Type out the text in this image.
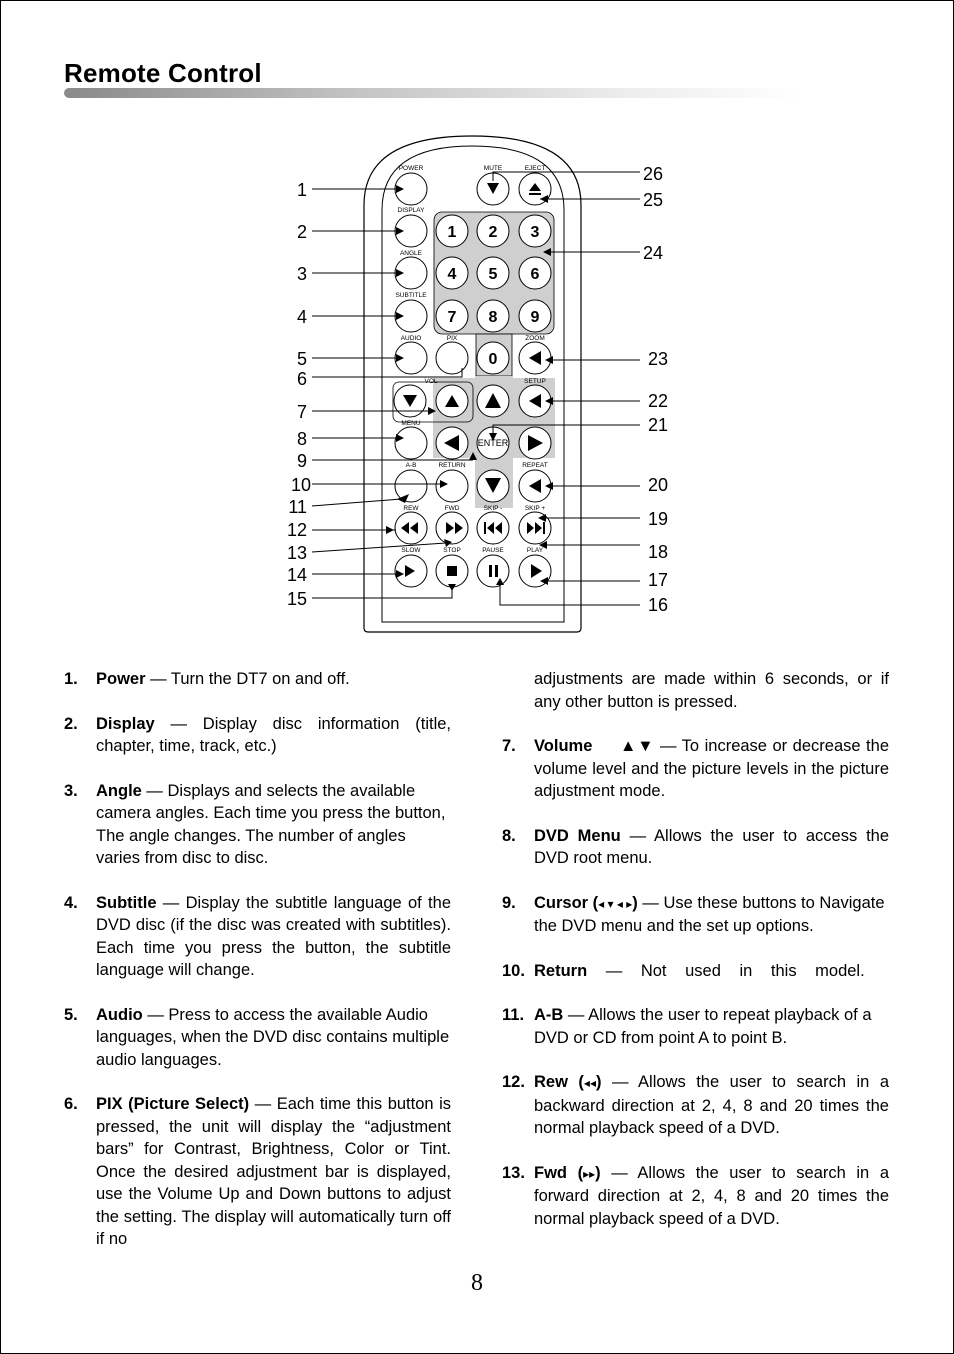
Remote Control
1 2 3
4 5 6
7 8 9
0
POWER	MUTE	EJECT
DISPLAY
ANGLE
SUBTITLE
AUDIO	PIX	ZOOM
VOL	SETUP
MENU
ENTER
A-B	RETURN	REPEAT
REW	FWD	SKIP -	SKIP +
SLOW	STOP	PAUSE	PLAY
1
2
3
4
5
6
7
8
9
10
11
12
13
14
15
26
25
24
23
22
21
20
19
18
17
16
1. Power — Turn the DT7 on and off.
2. Display — Display disc information (title, chapter, time, track, etc.)
3. Angle — Displays and selects the available camera angles. Each time you press the button, The angle changes. The number of angles varies from disc to disc.
4. Subtitle — Display the subtitle language of the DVD disc (if the disc was created with subtitles). Each time you press the button, the subtitle language will change.
5. Audio — Press to access the available Audio languages, when the DVD disc contains multiple audio languages.
6. PIX (Picture Select) — Each time this button is pressed, the unit will display the “adjustment bars” for Contrast, Brightness, Color or Tint. Once the desired adjustment bar is displayed, use the Volume Up and Down buttons to adjust the setting. The display will automatically turn off if no
adjustments are made within 6 seconds, or if any other button is pressed.
7. Volume ▲▼ — To increase or decrease the volume level and the picture levels in the picture adjustment mode.
8. DVD Menu — Allows the user to access the DVD root menu.
9. Cursor (◂ ▾ ◂ ▸) — Use these buttons to Navigate the DVD menu and the set up options.
10. Return — Not used in this model.
11. A-B — Allows the user to repeat playback of a DVD or CD from point A to point B.
12. Rew (◂◂) — Allows the user to search in a backward direction at 2, 4, 8 and 20 times the normal playback speed of a DVD.
13. Fwd (▸▸) — Allows the user to search in a forward direction at 2, 4, 8 and 20 times the normal playback speed of a DVD.
8
